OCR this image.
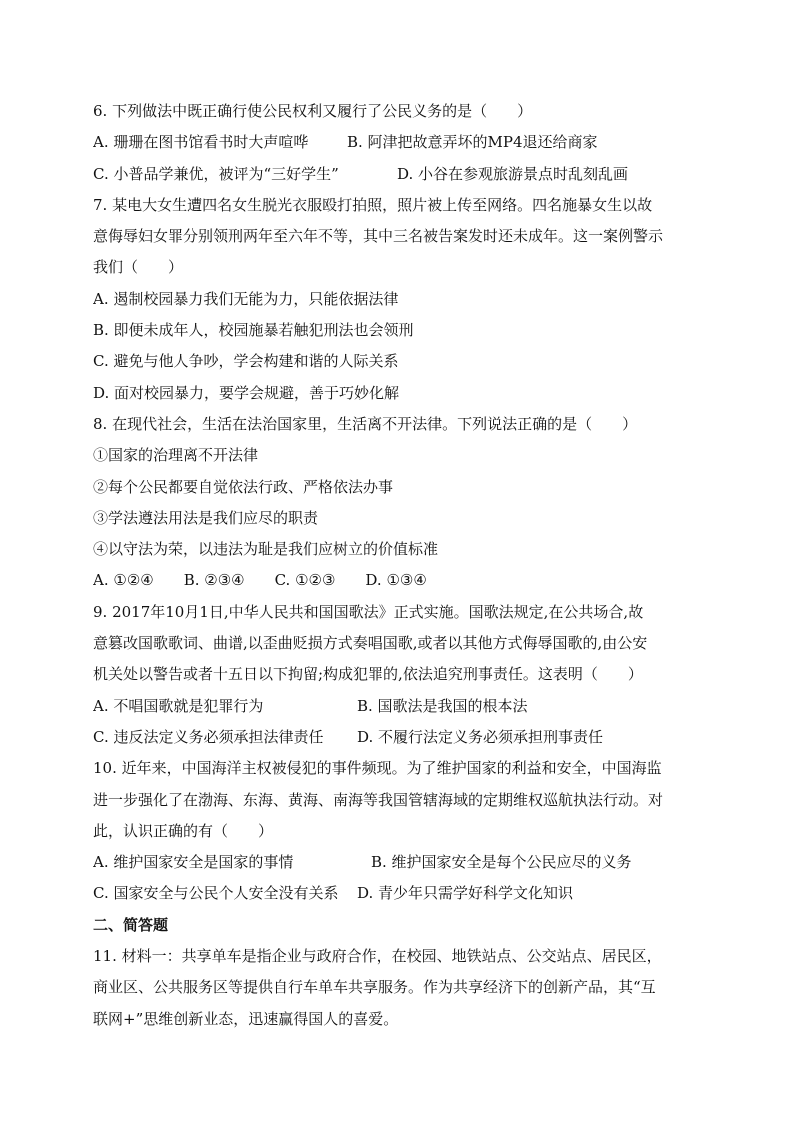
6. 下列做法中既正确行使公民权利又履行了公民义务的是（　　）
A. 珊珊在图书馆看书时大声喧哗	B. 阿津把故意弄坏的MP4退还给商家
C. 小普品学兼优，被评为“三好学生”	D. 小谷在参观旅游景点时乱刻乱画
7. 某电大女生遭四名女生脱光衣服殴打拍照，照片被上传至网络。四名施暴女生以故
意侮辱妇女罪分别领刑两年至六年不等，其中三名被告案发时还未成年。这一案例警示
我们（　　）
A. 遏制校园暴力我们无能为力，只能依据法律
B. 即便未成年人，校园施暴若触犯刑法也会领刑
C. 避免与他人争吵，学会构建和谐的人际关系
D. 面对校园暴力，要学会规避，善于巧妙化解
8. 在现代社会，生活在法治国家里，生活离不开法律。下列说法正确的是（　　）
①国家的治理离不开法律
②每个公民都要自觉依法行政、严格依法办事
③学法遵法用法是我们应尽的职责
④以守法为荣，以违法为耻是我们应树立的价值标准
A. ①②④　　B. ②③④　　C. ①②③　　D. ①③④
9. 2017年10月1日,中华人民共和国国歌法》正式实施。国歌法规定,在公共场合,故
意篡改国歌歌词、曲谱,以歪曲贬损方式奏唱国歌,或者以其他方式侮辱国歌的,由公安
机关处以警告或者十五日以下拘留;构成犯罪的,依法追究刑事责任。这表明（　　）
A. 不唱国歌就是犯罪行为	B. 国歌法是我国的根本法
C. 违反法定义务必须承担法律责任	D. 不履行法定义务必须承担刑事责任
10. 近年来，中国海洋主权被侵犯的事件频现。为了维护国家的利益和安全，中国海监
进一步强化了在渤海、东海、黄海、南海等我国管辖海域的定期维权巡航执法行动。对
此，认识正确的有（　　）
A. 维护国家安全是国家的事情	B. 维护国家安全是每个公民应尽的义务
C. 国家安全与公民个人安全没有关系	D. 青少年只需学好科学文化知识
二、简答题
11. 材料一：共享单车是指企业与政府合作，在校园、地铁站点、公交站点、居民区，
商业区、公共服务区等提供自行车单车共享服务。作为共享经济下的创新产品，其“互
联网+”思维创新业态，迅速赢得国人的喜爱。
